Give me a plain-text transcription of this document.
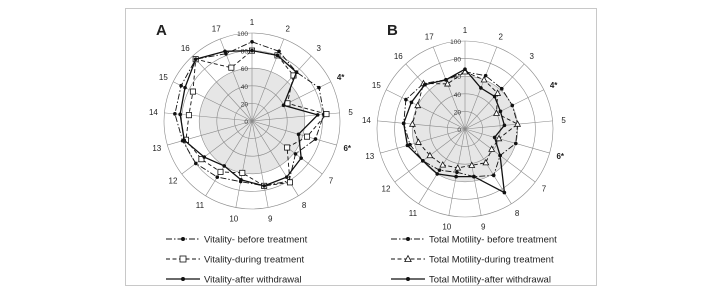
A
0
20
40
60
80
100
1
2
3
4*
5
6*
7
8
9
10
11
12
13
14
15
16
17
Vitality- before treatment
Vitality-during treatment
Vitality-after withdrawal
B
0
20
40
60
80
100
1
2
3
4*
5
6*
7
8
9
10
11
12
13
14
15
16
17
Total Motility- before treatment
Total Motility-during treatment
Total Motility-after withdrawal
